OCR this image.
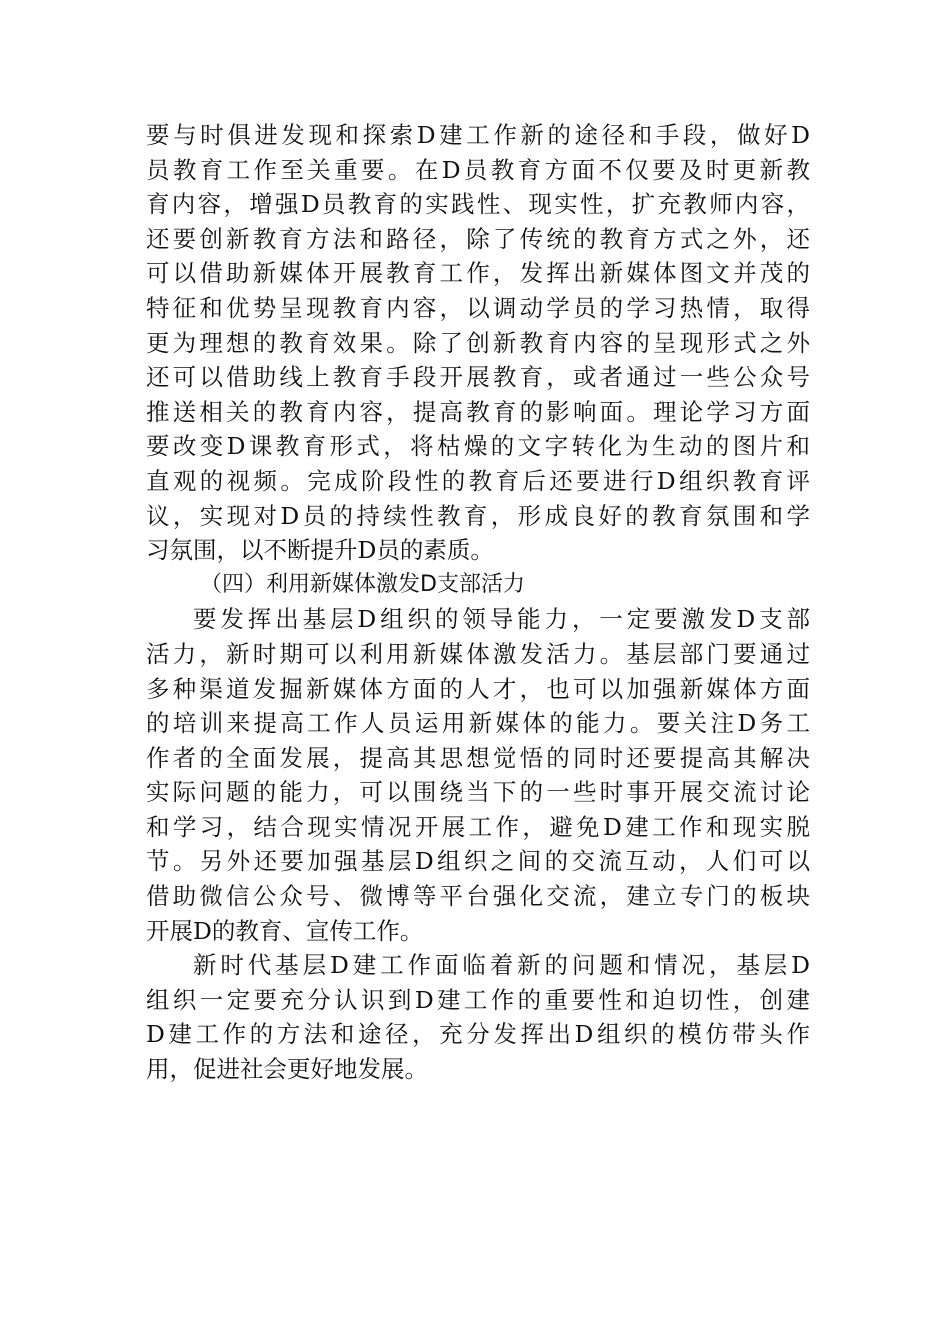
要与时俱进发现和探索D建工作新的途径和手段，做好D
员教育工作至关重要。在D员教育方面不仅要及时更新教
育内容，增强D员教育的实践性、现实性，扩充教师内容，
还要创新教育方法和路径，除了传统的教育方式之外，还
可以借助新媒体开展教育工作，发挥出新媒体图文并茂的
特征和优势呈现教育内容，以调动学员的学习热情，取得
更为理想的教育效果。除了创新教育内容的呈现形式之外
还可以借助线上教育手段开展教育，或者通过一些公众号
推送相关的教育内容，提高教育的影响面。理论学习方面
要改变D课教育形式，将枯燥的文字转化为生动的图片和
直观的视频。完成阶段性的教育后还要进行D组织教育评
议，实现对D员的持续性教育，形成良好的教育氛围和学
习氛围，以不断提升D员的素质。
（四）利用新媒体激发D支部活力
要发挥出基层D组织的领导能力，一定要激发D支部
活力，新时期可以利用新媒体激发活力。基层部门要通过
多种渠道发掘新媒体方面的人才，也可以加强新媒体方面
的培训来提高工作人员运用新媒体的能力。要关注D务工
作者的全面发展，提高其思想觉悟的同时还要提高其解决
实际问题的能力，可以围绕当下的一些时事开展交流讨论
和学习，结合现实情况开展工作，避免D建工作和现实脱
节。另外还要加强基层D组织之间的交流互动，人们可以
借助微信公众号、微博等平台强化交流，建立专门的板块
开展D的教育、宣传工作。
新时代基层D建工作面临着新的问题和情况，基层D
组织一定要充分认识到D建工作的重要性和迫切性，创建
D建工作的方法和途径，充分发挥出D组织的模仿带头作
用，促进社会更好地发展。
